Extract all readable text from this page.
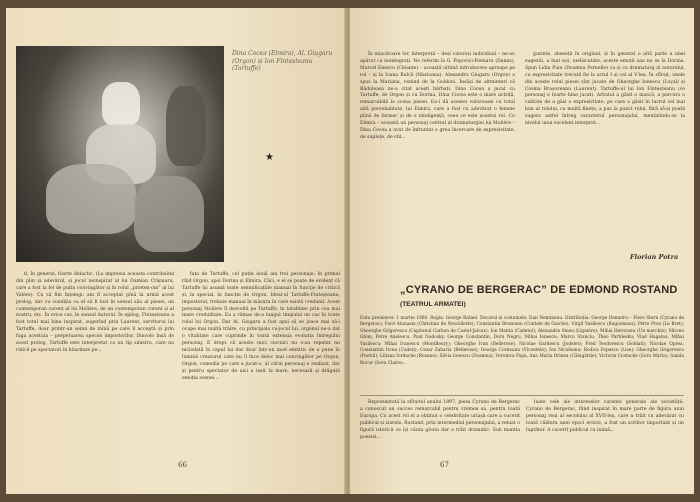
Dina Cocea (Elmira), Al. Giugaru (Orgon) și Ion Finteșteanu (Tartuffe)
★

ți, în general, foarte didactic. (La impresia aceasta contribuind din plin și adevărul, și jocul neinspirat al lui Damian Crîșmaru, care a fost la fel de puțin convingător și în rolul „prieten-om” al lui Valère). Ca să fim înțelegi: am fi acceptat pînă la urmă acest prolog, dar cu condiția ca el să fi fost în sensul său al piesei, un contemporan curent al lui Molière, de un contemporan curent și al nostru, etc. În orice caz, în sensul Autorul. În epilog, Finteșteanu a fost totul mai bine inspirat, sugerînd prin Laurent, servitorul lui Tartuffe, doar printr-un semn de mînă pe care îl acceptă și prin fuga acestuia – perpetuarea speciei impostorilor. Dincolo însă de acest prolog, Tartuffe este interpretat ca un tip sinistru, care nu ridică pe spectatori în hilaritate pe...

fața de Tartuffe, cel puțin două ani trei personaje: în primul rînd Orgon, apoi Dorina și Elmira. Căci, e el se poate de evident că Tartuffe își asumă toate semnificațiile manual în funcție de critică și, în special, în funcție de Orgon. Ideal-ul Tartuffe-Finteșteanu, impostorul, trebuie manual în măsura în care există credulul. Acest personaj Molière îl dezvoltă pe Tartuffe, în totalitate prin cea mai mare credulitate. Ea a rămas de-a lungul timpului un caz în toate rolul lui Orgon. Dar Al. Giugaru a fost apoi să se joace mai să-i ocupe mai multă trăire, cu principala cu-jocul lui, orgonul ne-a dat o vitalitate care cuprinde în toată extensia evoluția întregului personaj. E drept că aceste mici ciocniri nu s-au repetat nu niciodată în capul lui dar doar într-un mod emfatic de a pune în lumină creatorul care nu îl face deloc mai convingător pe Orgon. Orgon, comedia pe care a jucat-o, al cărui personaj e realizat, dar și pentru spectator de aici a ieșit la mare, necesară și drăguță emoția scenei...

66

În mișcătoare lor, interpreții – deși valoroși individual – ne-au apărut ca neintegrați. Ne referim la G. Popovici-Poenaru (Damis), Marcel Enescu (Cléante) – această ultimă introducere aproape pe rol – și la Ioana Bulcă (Marioana). Alexandru Giugaru (Orgon) a spus la Mariana, venind de la Goldoni. Însăși de altminteri că Băduleasa ne-a citat acești bărbați. Dina Cocea a jucat cu Tartuffe, de Orgon și cu Dorina, Dina Cocea este o mare actriță, remarcabilă la scena piesei. Ea-i dă acestei valoroasei cu totul altă personalitate, lui Elmira, care a fost cu adevărat o femeie plină de farmec și de o inteligență, ceea ce este acestui rol. Cu Elmira – această un personaj central al dramaturgiei lui Molière – Dina Cocea a avut de înfruntat o grea încercare de expresivitate, de suplețe, de stil...

gurinte, absență în original, și în general o altă parte a unei sugestii, a luat noi, nediscutate, aceste emoții sau nu se la Dorina. Spun Lidia Puiu (Doamna Pernelle) ca și cu dramaturg al autorului, cu expresivitate trecută fie la actul I și cel al V-lea. În sfîrșit, unele din aceste rolul piesei sînt jucate de Gheorghe Ionescu (Loyal) și Cosma Brașoveanu (Laurent). Tartuffe-ul lui Ion Finteșteanu (ce personaj e foarte bine jucat). Artistul a găsit o mască, a parcurs o calitate de a găsi o expresivitate, pe care a găsit în lucrul cel mai bun al rolului, cu multă finețe, a pus la punct rolul, fără să-și poată sugera astfel întreg caracterul personajului, menținîndu-se la nivelul unui excelent interpret...

Florian Potra
„CYRANO DE BERGERAC” DE EDMOND ROSTAND
(TEATRUL ARMATEI)
Data premierei: 1 martie 1960. Regia: George Rafael. Decorul și costumele: Dan Nemțeanu. Distribuția: George Demetru – Piere Stern (Cyrano de Bergerac); Ford Atanasiu (Christian de Neuvillette); Constantin Brezeanu (Contele de Guiche); Virgil Vasilescu (Ragueneau); Petre Prus (Le Bret); Gheorghe Grigorescu (Capitanul Carbon de Castel-Jaloux); Ion Manta (Cadetul); Alexandru Smeu (Lignière); Mihai Herovanu (Un marchiz); Mircea Ghim, Petre Anelescu, Paul Nadosky, George Constantin, Doru Negru, Mihai Ionescu; Marcu Stanciu, Theo Partilesku; Vlad Hagelau, Mihai Vasilescu; Mihai Ivanescu (Montfleury); Gheorghe Ivan (Bellerose), Nicolae Gardescu (Jodelet); Fred Teodorescu (Soldati); Nicolae Oprea, Constantin Ircea (Cadeți); Cezar Zaharia (Bellerose); George Corneanu (Vicontele); Ion Nicoleanu; Rodica Popescu (Lise); Gheorghe Grigorescu (Poetul); Liliana Iordache (Roxane); Silvia Ionescu (Doamna), Veronica Popa, Ana Maria Drinea (Călugărițe); Victoria Costache (Sora Marta); Sanda Bucur (Sora Claire)...

Reprezentată la sfîrșitul anului 1897, piesa Cyrano de Bergerac a cunoscut un succes remarcabil pentru vremea sa, pentru toată Europa. Cu acest rol el a obținut o celebritate uriașă care a cucerit publicul și ziarele. Rostand, prin intermediul personajului, a reluat o figură istorică ce își căuta gloria dar a trăit dramatic. Sub mantia poeziei...

luate cele ale intereselor curente generale ale societății. Cyrano de Bergerac, fiind inspirat în mare parte de figura unui personaj real al secolului al XVII-lea, care a trăit cu adevărat cu toată căldura unei epoci eroice, a fost un scriitor important și un luptător. A cucerit publicul cu inimă...

67
